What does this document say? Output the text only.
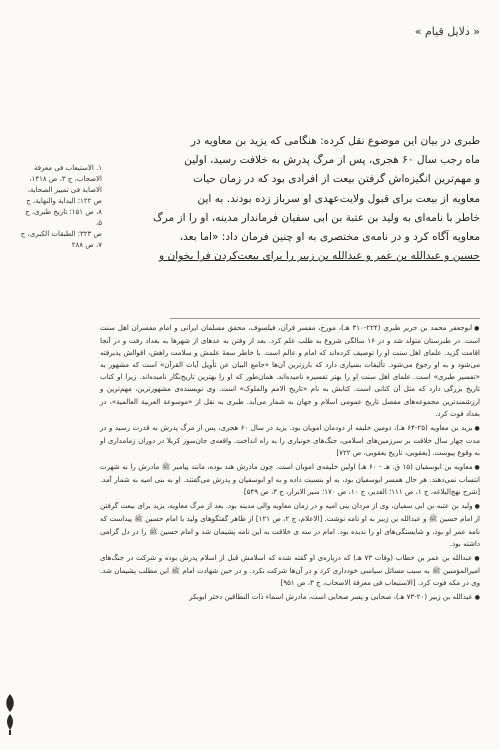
« دلایل قیام »

طبری در بیان این موضوع نقل کرده: هنگامی که یزید بن معاویه در

ماه رجب سال ۶۰ هجری، پس از مرگ پدرش به خلافت رسید، اولین

و مهم‌ترین انگیزه‌اش گرفتن بیعت از افرادی بود که در زمان حیات

معاویه از بیعت برای قبول ولایت‌عهدی او سرباز زده بودند. به این

خاطر با نامه‌ای به ولید بن عتبة بن ابی سفیان فرماندار مدینه، او را از مرگ

معاویه آگاه کرد و در نامه‌ی مختصری به او چنین فرمان داد: «اما بعد،

حسین و عبدالله بن عمر و عبدالله بن زبیر را برای بیعت‌کردن فرا بخوان و

۱. الاستیعاب فی معرفة
الاصحاب، ج ۳، ص ۱۴۱۸،
الاصابة فی تمییز الصحابة،
ص ۱۲۲؛ البداية والنهاية، ج
۸، ص ۱۵۱؛ تاریخ طبری، ج ۵،
ص ۳۲۳؛ الطبقات الکبری، ج
۷، ص ۲۸۸

●ابوجعفر محمد بن جریر طبری (۲۲۴-۳۱۰ هـ)، مورخ، مفسر قرآن، فیلسوف، محقق مسلمان ایرانی و امام مفسران اهل سنت است. در طبرستان متولد شد و در ۱۶ سالگی شروع به طلب علم کرد. بعد از وفتن به عدهای از شهرها به بغداد رفت و در آنجا اقامت گزید. علمای اهل سنت او را توصیف کرده‌اند که امام و عالم است. با خاطر سعهٔ علمش و سلامت راهش، اقوالش پذیرفته می‌شود و به او رجوع می‌شود. تألیفات بسیاری دارد که بارزترین آن‌ها «جامع البیان عن تأویل آیات القرآن» است که مشهور به «تفسیر طبری» است. علمای اهل سنت او را بهتر تفسیره نامیده‌اند. همان‌طور که او را بهترین تاریخ‌نگار نامیده‌اند. زیرا او کتاب تاریخ بزرگی دارد که مثل آن کتابی است. کتابش به نام «تاریخ الامم والملوک» است. وی نویسنده‌ی مشهورترین، مهم‌ترین و ارزشمندترین مجموعه‌های مفصل تاریخ عمومی اسلام و جهان به شمار می‌آید. طبری به نقل از «موسوعة العربية العالمية»، در بغداد فوت کرد.

●یزید بن معاویه (۲۵-۶۴ هـ)، دومین خلیفه از دودمان امویان بود. یزید در سال ۶۰ هجری، پس از مرگ پدرش به قدرت رسید و در مدت چهار سال خلافت بر سرزمین‌های اسلامی، جنگ‌های خونباری را به راه انداخت. واقعه‌ی جان‌سوز کربلا در دوران زمامداری او به وقوع پیوست. [یعقوبی، تاریخ یعقوبی، ص ۷۲۲]

●معاویه بن ابوسفیان (۱۵ ق. هـ - ۶۰ هـ) اولین خلیفه‌ی امویان است. چون مادرش هند بوده، مانند پیامبر ﷺ مادرش را به شهرت انتساب نمی‌دهند. هر حال همسر ابوسفیان بود، به او بنسبت داده و به او ابوسفیان و پدرش می‌گفتند. او به بنی امیه به شمار آمد. [شرح نهج‌البلاغه، ج ۱، ص ۱۱۱؛ الغدیر، ج ۱۰، ص ۱۷۰؛ سیر الابرار، ج ۳، ص ۵۴۹]

●ولید بن عتبه بن ابی سفیان، وی از مردان بنی امیه و در زمان معاویه والی مدینه بود. بعد از مرگ معاویه، یزید برای بیعت گرفتن از امام حسین ﷺ و عبدالله بن زبیر به او نامه نوشت. [الاعلام، ج ۲، ص ۱۲۱] از ظاهر گفتگوهای ولید با امام حسین ﷺ پیداست که نامه عمر او بود، و شایستگی‌های او را ندیده بود. امام در سه ی خلاقت به این نامه پشیمان شد و امام حسین ﷺ را در دل گرامی داشته بود.

●عبدالله بن عمر بن خطاب (وفات ۷۳ هـ) که درباره‌ی او گفته شده که اسلامش قبل از اسلام پدرش بوده و شرکت در جنگ‌های امیرالمؤمنین ﷺ به سبب مسائل سیاسی خودداری کرد و در آن‌ها شرکت نکرد. و در حین شهادت امام ﷺ این مطلب پشیمان شد. وی در مکه فوت کرد. [الاستیعاب فی معرفة الاصحاب، ج ۳، ص ۹۵۱]

●عبدالله بن زبیر (۲۰-۷۳ هـ)، صحابی و پسر صحابی است، مادرش اسماء ذات النطاقین دختر ابوبکر
